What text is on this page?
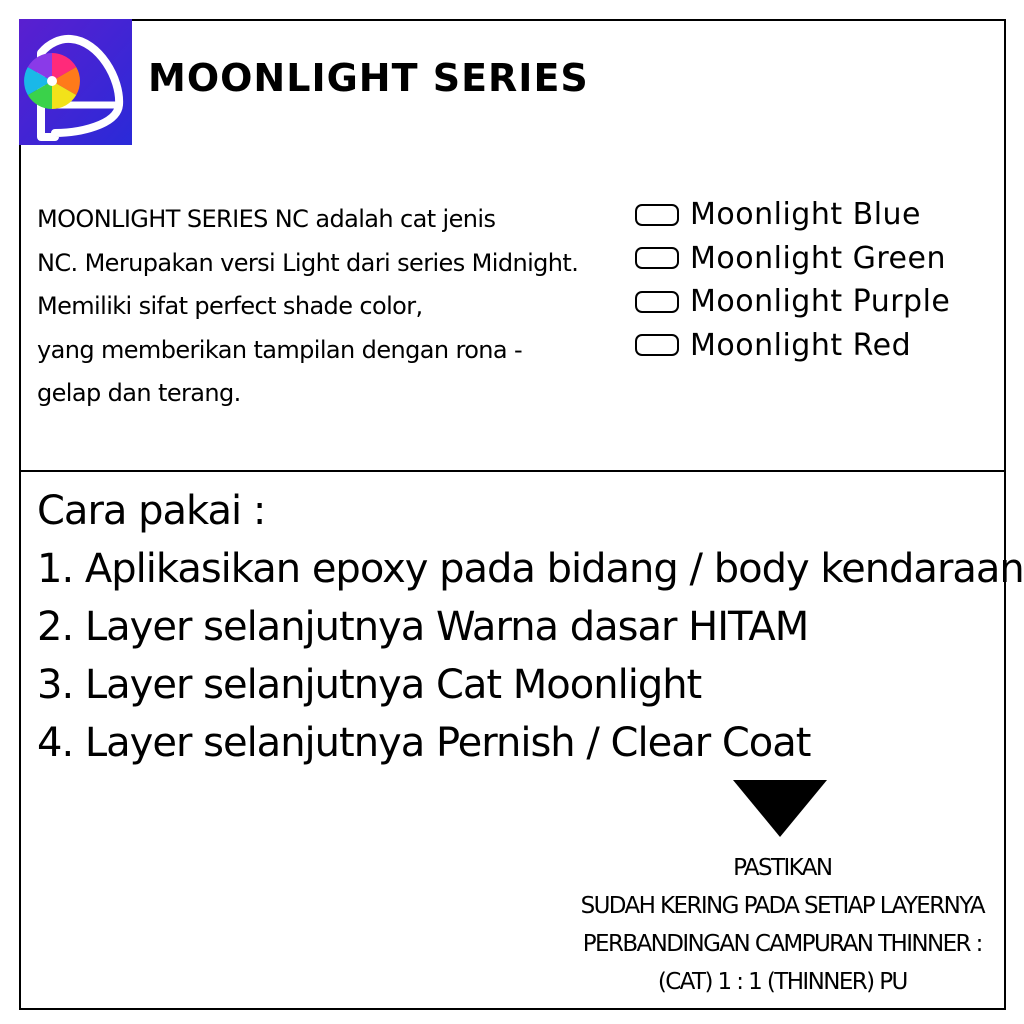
MOONLIGHT SERIES
MOONLIGHT SERIES NC adalah cat jenis
NC. Merupakan versi Light dari series Midnight.
Memiliki sifat perfect shade color,
yang memberikan tampilan dengan rona -
gelap dan terang.
Moonlight Blue
Moonlight Green
Moonlight Purple
Moonlight Red
Cara pakai :
1. Aplikasikan epoxy pada bidang / body kendaraan
2. Layer selanjutnya Warna dasar HITAM
3. Layer selanjutnya Cat Moonlight
4. Layer selanjutnya Pernish / Clear Coat
PASTIKAN
SUDAH KERING PADA SETIAP LAYERNYA
PERBANDINGAN CAMPURAN THINNER :
(CAT) 1 : 1 (THINNER) PU
